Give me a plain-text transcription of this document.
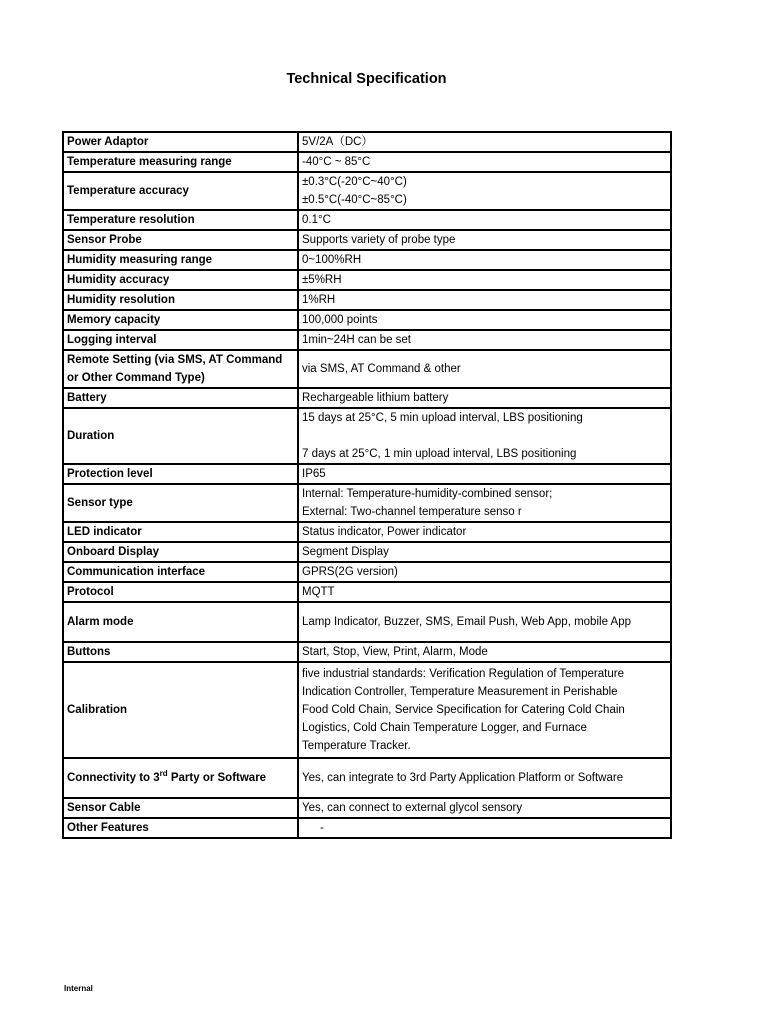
Technical Specification
Power Adaptor	5V/2A（DC）

Temperature measuring range	-40°C ~ 85°C

Temperature accuracy	±0.3°C(-20°C~40°C)
±0.5°C(-40°C~85°C)

Temperature resolution	0.1°C

Sensor Probe	Supports variety of probe type

Humidity measuring range	0~100%RH

Humidity accuracy	±5%RH

Humidity resolution	1%RH

Memory capacity	100,000 points

Logging interval	1min~24H can be set

Remote Setting (via SMS, AT Command or Other Command Type)	via SMS, AT Command & other

Battery	Rechargeable lithium battery

Duration	15 days at 25°C, 5 min upload interval, LBS positioning
7 days at 25°C, 1 min upload interval, LBS positioning

Protection level	IP65

Sensor type	Internal: Temperature-humidity-combined sensor;
External: Two-channel temperature senso r

LED indicator	Status indicator, Power indicator

Onboard Display	Segment Display

Communication interface	GPRS(2G version)

Protocol	MQTT

Alarm mode	Lamp Indicator, Buzzer, SMS, Email Push, Web App, mobile App

Buttons	Start, Stop, View, Print, Alarm, Mode

Calibration	five industrial standards: Verification Regulation of Temperature
Indication Controller, Temperature Measurement in Perishable
Food Cold Chain, Service Specification for Catering Cold Chain
Logistics, Cold Chain Temperature Logger, and Furnace
Temperature Tracker.

Connectivity to 3rd Party or Software	Yes, can integrate to 3rd Party Application Platform or Software

Sensor Cable	Yes, can connect to external glycol sensory

Other Features	-
Internal
